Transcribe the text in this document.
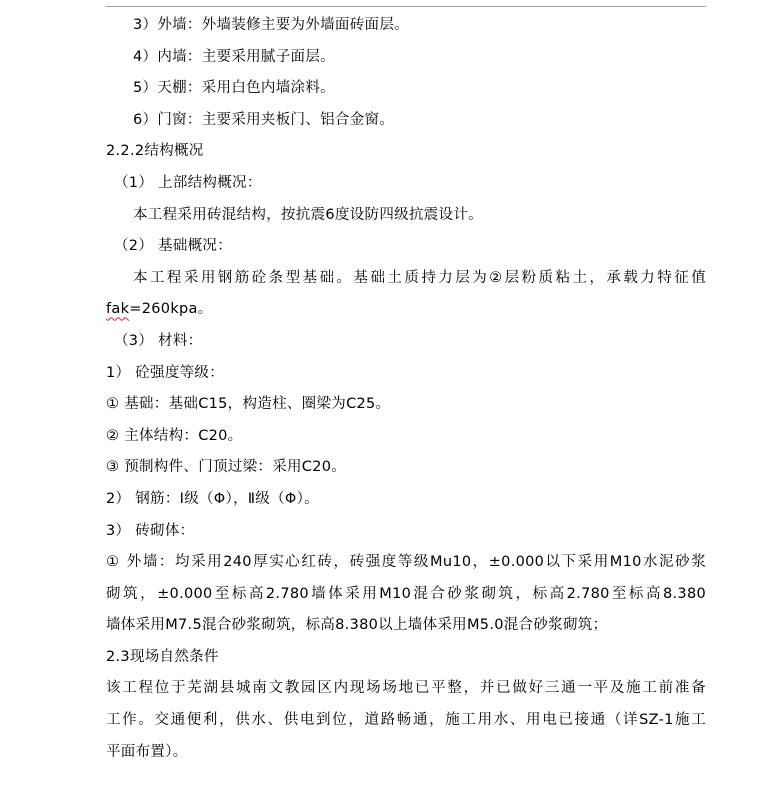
3）外墙：外墙装修主要为外墙面砖面层。
4）内墙：主要采用腻子面层。
5）天棚：采用白色内墙涂料。
6）门窗：主要采用夹板门、铝合金窗。
2.2.2结构概况
（1） 上部结构概况：
本工程采用砖混结构，按抗震6度设防四级抗震设计。
（2） 基础概况：
本工程采用钢筋砼条型基础。基础土质持力层为②层粉质粘土，承载力特征值
fak=260kpa。
（3） 材料：
1） 砼强度等级：
① 基础：基础C15，构造柱、圈梁为C25。
② 主体结构：C20。
③ 预制构件、门顶过梁：采用C20。
2） 钢筋：Ⅰ级（Φ），Ⅱ级（Φ）。
3） 砖砌体：
① 外墙：均采用240厚实心红砖，砖强度等级Mu10，±0.000以下采用M10水泥砂浆
砌筑，±0.000至标高2.780墙体采用M10混合砂浆砌筑，标高2.780至标高8.380
墙体采用M7.5混合砂浆砌筑，标高8.380以上墙体采用M5.0混合砂浆砌筑；
2.3现场自然条件
该工程位于芜湖县城南文教园区内现场场地已平整，并已做好三通一平及施工前准备
工作。交通便利，供水、供电到位，道路畅通，施工用水、用电已接通（详SZ-1施工
平面布置）。
